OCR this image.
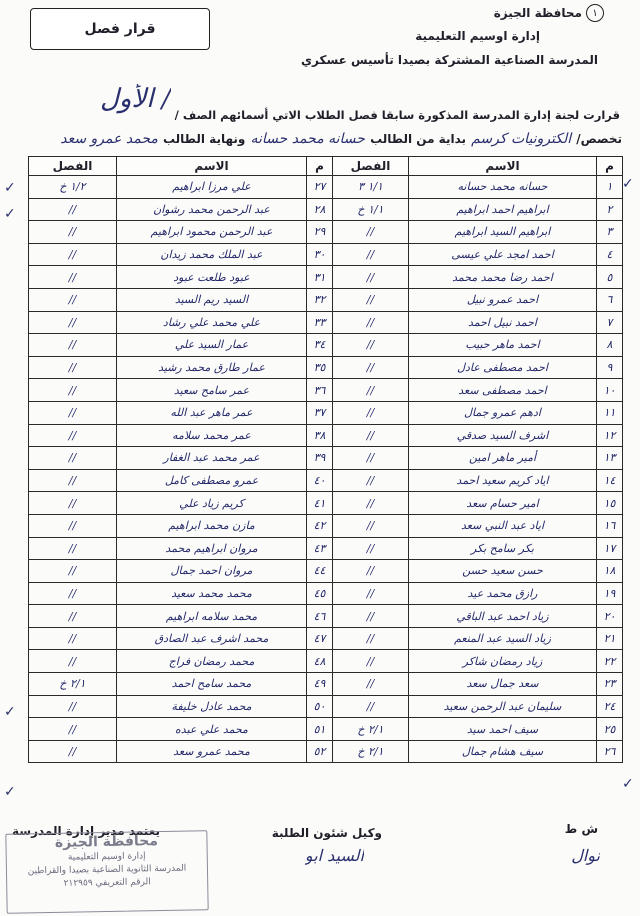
١
محافظة الجيزة
إدارة اوسيم التعليمية
المدرسة الصناعية المشتركة بصيدا تأسيس عسكري
قرار فصل
/ الأول
قرارت لجنة إدارة المدرسة المذكورة سابقا فصل الطلاب الاتي أسمائهم الصف /
تخصص/ الكترونيات كرسم بداية من الطالب حسانه محمد حسانه ونهاية الطالب محمد عمرو سعد
م	الاسم	الفصل
١	حسانه محمد حسانه	١/١ ٣
٢	ابراهيم احمد ابراهيم	١/١ خ
٣	ابراهيم السيد ابراهيم	//
٤	احمد امجد علي عيسى	//
٥	احمد رضا محمد محمد	//
٦	احمد عمرو نبيل	//
٧	احمد نبيل احمد	//
٨	احمد ماهر حبيب	//
٩	احمد مصطفى عادل	//
١٠	احمد مصطفى سعد	//
١١	ادهم عمرو جمال	//
١٢	اشرف السيد صدقي	//
١٣	أمير ماهر امين	//
١٤	اياد كريم سعيد احمد	//
١٥	امير حسام سعد	//
١٦	اياد عبد النبي سعد	//
١٧	بكر سامح بكر	//
١٨	حسن سعيد حسن	//
١٩	رازق محمد عيد	//
٢٠	زياد احمد عبد الباقي	//
٢١	زياد السيد عبد المنعم	//
٢٢	زياد رمضان شاكر	//
٢٣	سعد جمال سعد	//
٢٤	سليمان عبد الرحمن سعيد	//
٢٥	سيف احمد سيد	٢/١ خ
٢٦	سيف هشام جمال	٢/١ خ
م	الاسم	الفصل
٢٧	علي مرزا ابراهيم	١/٢ خ
٢٨	عبد الرحمن محمد رشوان	//
٢٩	عبد الرحمن محمود ابراهيم	//
٣٠	عبد الملك محمد زيدان	//
٣١	عبود طلعت عبود	//
٣٢	السيد ريم السيد	//
٣٣	علي محمد علي رشاد	//
٣٤	عمار السيد علي	//
٣٥	عمار طارق محمد رشيد	//
٣٦	عمر سامح سعيد	//
٣٧	عمر ماهر عبد الله	//
٣٨	عمر محمد سلامه	//
٣٩	عمر محمد عبد الغفار	//
٤٠	عمرو مصطفى كامل	//
٤١	كريم زياد علي	//
٤٢	مازن محمد ابراهيم	//
٤٣	مروان ابراهيم محمد	//
٤٤	مروان احمد جمال	//
٤٥	محمد محمد سعيد	//
٤٦	محمد سلامه ابراهيم	//
٤٧	محمد اشرف عبد الصادق	//
٤٨	محمد رمضان فراج	//
٤٩	محمد سامح احمد	٢/١ خ
٥٠	محمد عادل خليفة	//
٥١	محمد علي عبده	//
٥٢	محمد عمرو سعد	//
✓
✓
✓
✓
✓
✓
ش ط
نوال
وكيل شئون الطلبة
السيد ابو
يعتمد مدير إدارة المدرسة
محافظة الجيزة
إدارة اوسيم التعليمية
المدرسة الثانوية الصناعية بصيدا والقراطين
الرقم التعريفي ٢١٢٩٥٩
